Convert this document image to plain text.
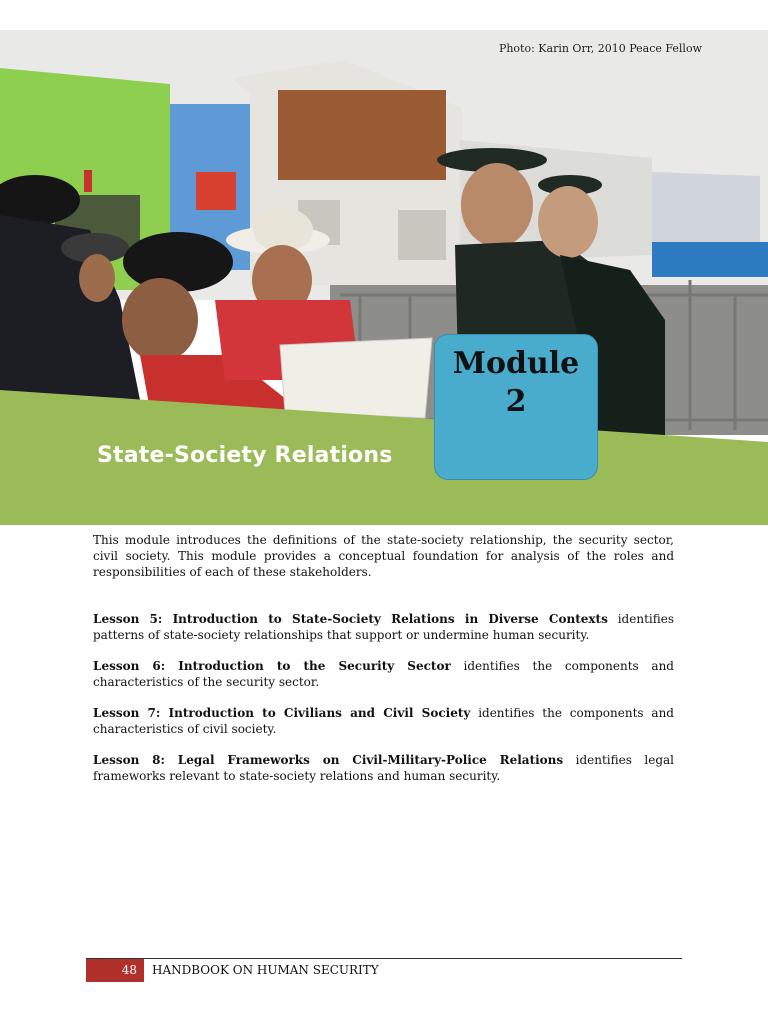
Photo: Karin Orr, 2010 Peace Fellow
State-Society Relations
Module
2

This module introduces the definitions of the state-society relationship, the security sector, civil society. This module provides a conceptual foundation for analysis of the roles and responsibilities of each of these stakeholders.

Lesson 5: Introduction to State-Society Relations in Diverse Contexts identifies patterns of state-society relationships that support or undermine human security.

Lesson 6: Introduction to the Security Sector identifies the components and characteristics of the security sector.

Lesson 7: Introduction to Civilians and Civil Society identifies the components and characteristics of civil society.

Lesson 8: Legal Frameworks on Civil-Military-Police Relations identifies legal frameworks relevant to state-society relations and human security.

48	HANDBOOK ON HUMAN SECURITY
